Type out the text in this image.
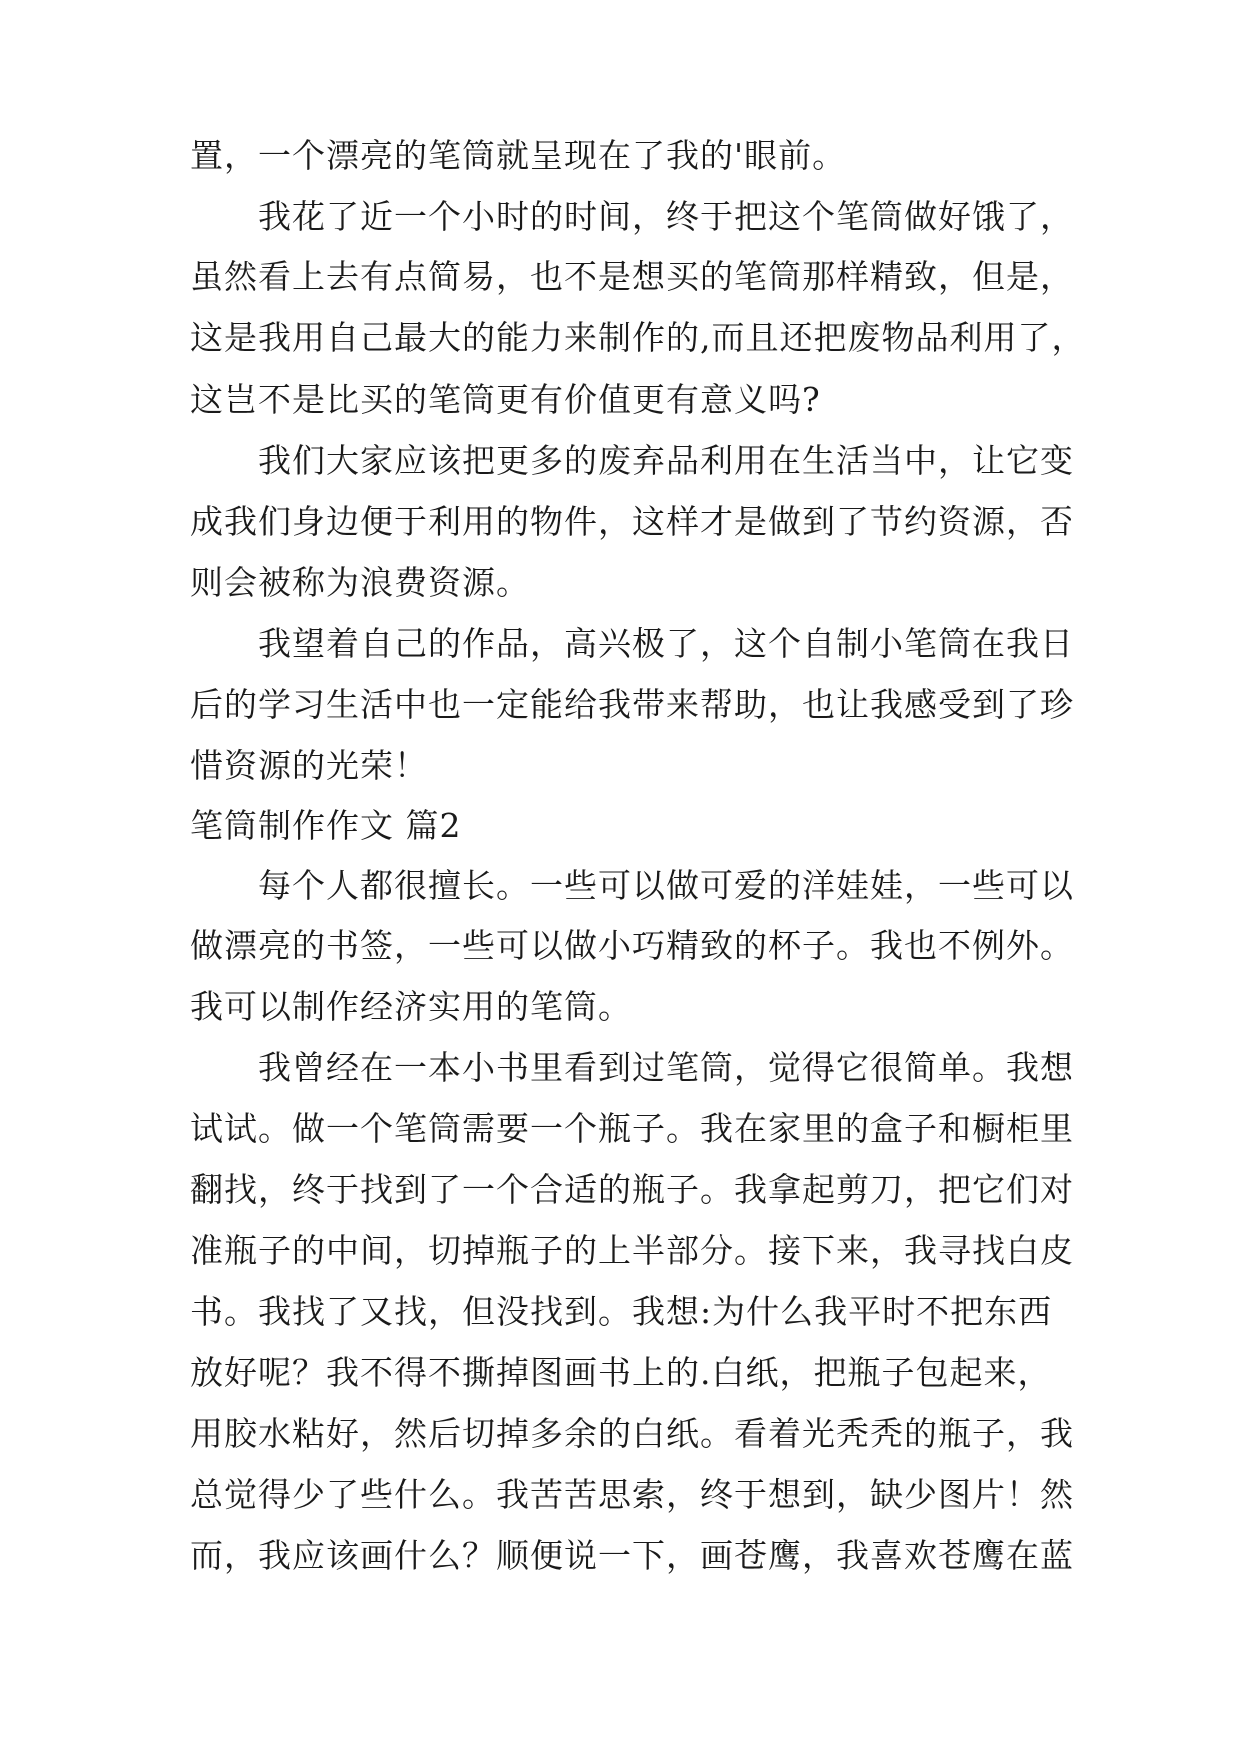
置，一个漂亮的笔筒就呈现在了我的'眼前。
　　我花了近一个小时的时间，终于把这个笔筒做好饿了，
虽然看上去有点简易，也不是想买的笔筒那样精致，但是，
这是我用自己最大的能力来制作的,而且还把废物品利用了，
这岂不是比买的笔筒更有价值更有意义吗?
　　我们大家应该把更多的废弃品利用在生活当中，让它变
成我们身边便于利用的物件，这样才是做到了节约资源，否
则会被称为浪费资源。
　　我望着自己的作品，高兴极了，这个自制小笔筒在我日
后的学习生活中也一定能给我带来帮助，也让我感受到了珍
惜资源的光荣！
笔筒制作作文 篇2
　　每个人都很擅长。一些可以做可爱的洋娃娃，一些可以
做漂亮的书签，一些可以做小巧精致的杯子。我也不例外。
我可以制作经济实用的笔筒。
　　我曾经在一本小书里看到过笔筒，觉得它很简单。我想
试试。做一个笔筒需要一个瓶子。我在家里的盒子和橱柜里
翻找，终于找到了一个合适的瓶子。我拿起剪刀，把它们对
准瓶子的中间，切掉瓶子的上半部分。接下来，我寻找白皮
书。我找了又找，但没找到。我想:为什么我平时不把东西
放好呢？我不得不撕掉图画书上的.白纸，把瓶子包起来，
用胶水粘好，然后切掉多余的白纸。看着光秃秃的瓶子，我
总觉得少了些什么。我苦苦思索，终于想到，缺少图片！然
而，我应该画什么？顺便说一下，画苍鹰，我喜欢苍鹰在蓝
